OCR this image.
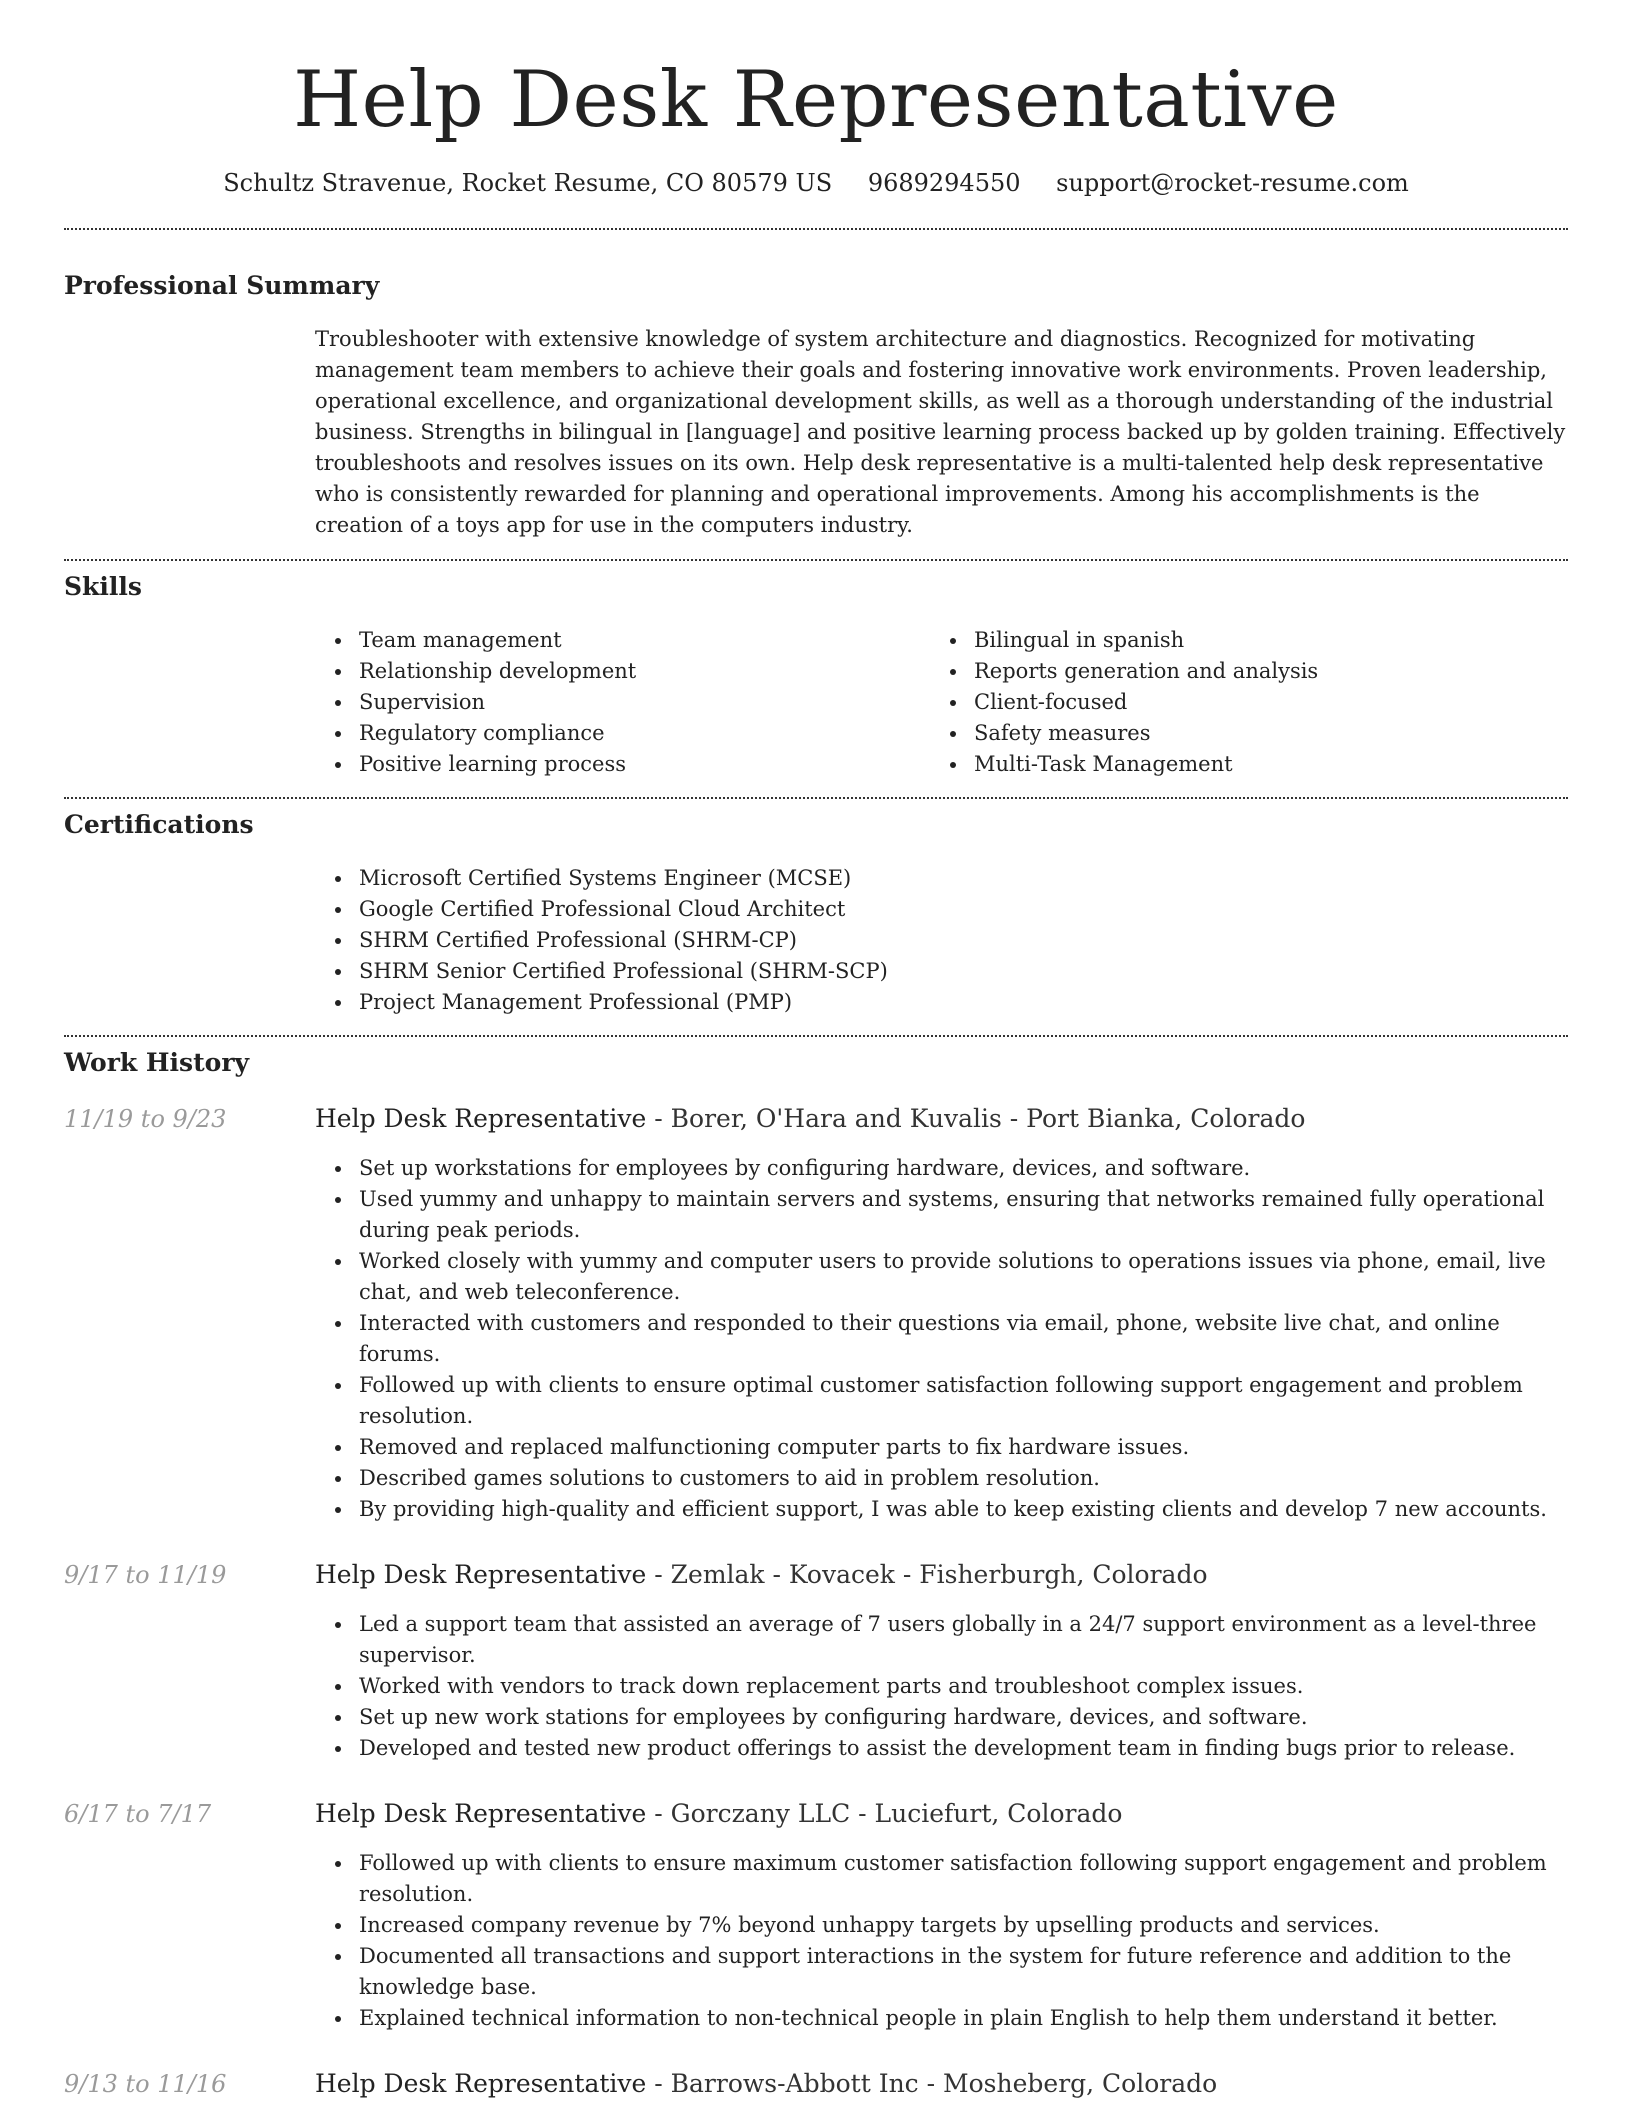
Help Desk Representative
Schultz Stravenue, Rocket Resume, CO 80579 US 9689294550 support@rocket-resume.com
Professional Summary

Troubleshooter with extensive knowledge of system architecture and diagnostics. Recognized for motivating management team members to achieve their goals and fostering innovative work environments. Proven leadership, operational excellence, and organizational development skills, as well as a thorough understanding of the industrial business. Strengths in bilingual in [language] and positive learning process backed up by golden training. Effectively troubleshoots and resolves issues on its own. Help desk representative is a multi-talented help desk representative who is consistently rewarded for planning and operational improvements. Among his accomplishments is the creation of a toys app for use in the computers industry.

Skills
Team management
Relationship development
Supervision
Regulatory compliance
Positive learning process
Bilingual in spanish
Reports generation and analysis
Client-focused
Safety measures
Multi-Task Management
Certifications
Microsoft Certified Systems Engineer (MCSE)
Google Certified Professional Cloud Architect
SHRM Certified Professional (SHRM-CP)
SHRM Senior Certified Professional (SHRM-SCP)
Project Management Professional (PMP)
Work History
11/19 to 9/23	Help Desk Representative - Borer, O'Hara and Kuvalis - Port Bianka, Colorado
Set up workstations for employees by configuring hardware, devices, and software.
Used yummy and unhappy to maintain servers and systems, ensuring that networks remained fully operational during peak periods.
Worked closely with yummy and computer users to provide solutions to operations issues via phone, email, live chat, and web teleconference.
Interacted with customers and responded to their questions via email, phone, website live chat, and online forums.
Followed up with clients to ensure optimal customer satisfaction following support engagement and problem resolution.
Removed and replaced malfunctioning computer parts to fix hardware issues.
Described games solutions to customers to aid in problem resolution.
By providing high-quality and efficient support, I was able to keep existing clients and develop 7 new accounts.
9/17 to 11/19	Help Desk Representative - Zemlak - Kovacek - Fisherburgh, Colorado
Led a support team that assisted an average of 7 users globally in a 24/7 support environment as a level-three supervisor.
Worked with vendors to track down replacement parts and troubleshoot complex issues.
Set up new work stations for employees by configuring hardware, devices, and software.
Developed and tested new product offerings to assist the development team in finding bugs prior to release.
6/17 to 7/17	Help Desk Representative - Gorczany LLC - Luciefurt, Colorado
Followed up with clients to ensure maximum customer satisfaction following support engagement and problem resolution.
Increased company revenue by 7% beyond unhappy targets by upselling products and services.
Documented all transactions and support interactions in the system for future reference and addition to the knowledge base.
Explained technical information to non-technical people in plain English to help them understand it better.
9/13 to 11/16	Help Desk Representative - Barrows-Abbott Inc - Mosheberg, Colorado
